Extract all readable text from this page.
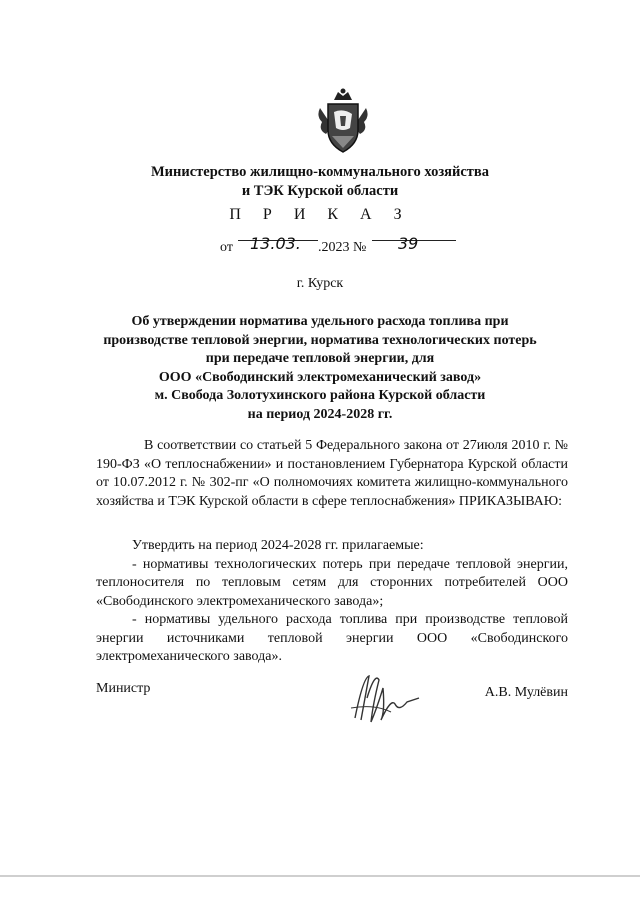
Министерство жилищно-коммунального хозяйства
и ТЭК Курской области
П Р И К А З
от 13.03. .2023 № 39
г. Курск
Об утверждении норматива удельного расхода топлива при
производстве тепловой энергии, норматива технологических потерь
при передаче тепловой энергии, для
ООО «Свободинский электромеханический завод»
м. Свобода Золотухинского района Курской области
на период 2024-2028 гг.
В соответствии со статьей 5 Федерального закона от 27июля 2010 г. № 190-ФЗ «О теплоснабжении» и постановлением Губернатора Курской области от 10.07.2012 г. № 302-пг «О полномочиях комитета жилищно-коммунального хозяйства и ТЭК Курской области в сфере теплоснабжения» ПРИКАЗЫВАЮ:
Утвердить на период 2024-2028 гг. прилагаемые:
- нормативы технологических потерь при передаче тепловой энергии, теплоносителя по тепловым сетям для сторонних потребителей ООО «Свободинского электромеханического завода»;
- нормативы удельного расхода топлива при производстве тепловой энергии источниками тепловой энергии ООО «Свободинского электромеханического завода».
Министр	А.В. Мулёвин
